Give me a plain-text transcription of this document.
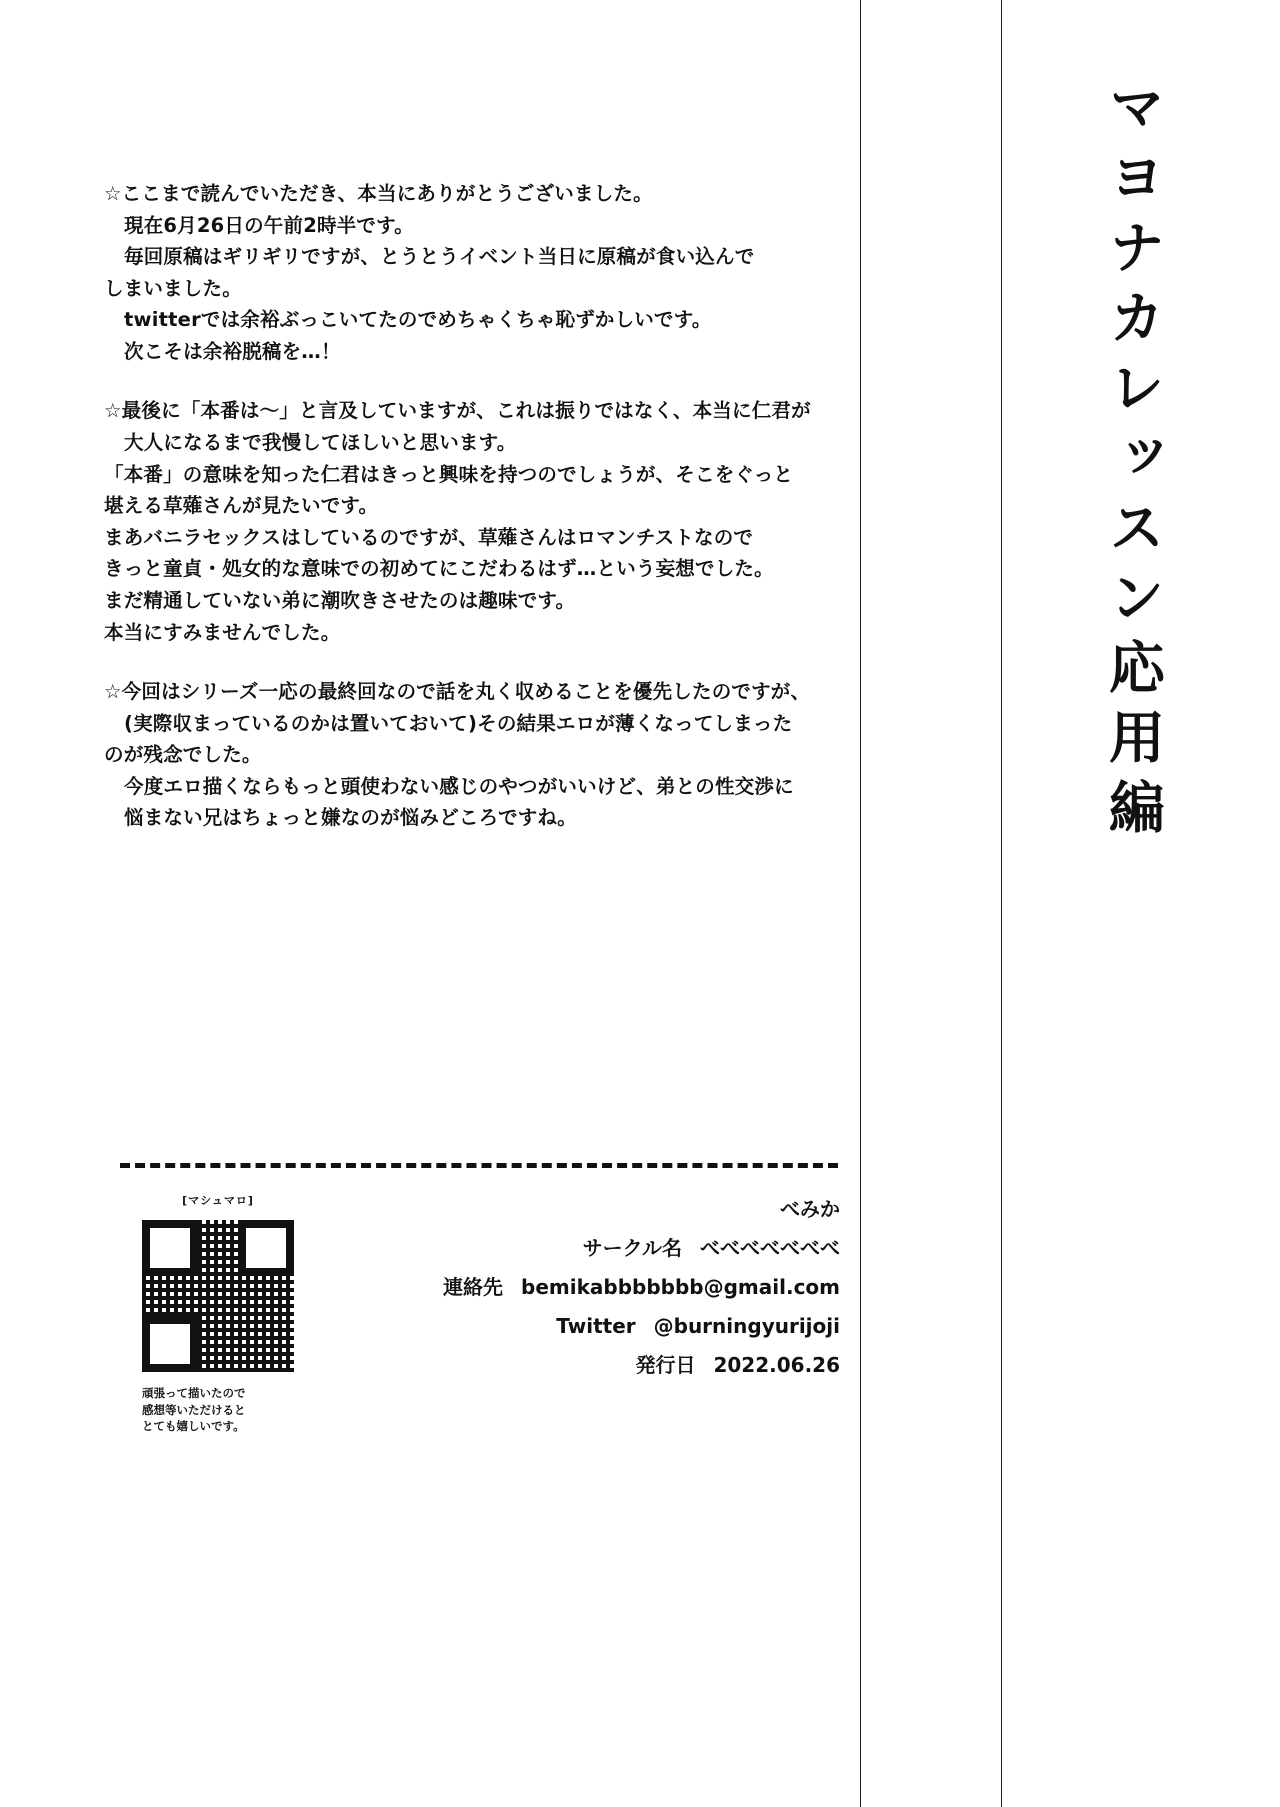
マヨナカレッスン応用編
☆ここまで読んでいただき、本当にありがとうございました。
現在6月26日の午前2時半です。
毎回原稿はギリギリですが、とうとうイベント当日に原稿が食い込んで
しまいました。
twitterでは余裕ぶっこいてたのでめちゃくちゃ恥ずかしいです。
次こそは余裕脱稿を…！
☆最後に「本番は〜」と言及していますが、これは振りではなく、本当に仁君が
大人になるまで我慢してほしいと思います。
「本番」の意味を知った仁君はきっと興味を持つのでしょうが、そこをぐっと
堪える草薙さんが見たいです。
まあバニラセックスはしているのですが、草薙さんはロマンチストなので
きっと童貞・処女的な意味での初めてにこだわるはず…という妄想でした。
まだ精通していない弟に潮吹きさせたのは趣味です。
本当にすみませんでした。
☆今回はシリーズ一応の最終回なので話を丸く収めることを優先したのですが、
(実際収まっているのかは置いておいて)その結果エロが薄くなってしまった
のが残念でした。
今度エロ描くならもっと頭使わない感じのやつがいいけど、弟との性交渉に
悩まない兄はちょっと嫌なのが悩みどころですね。
[マシュマロ]
頑張って描いたので
感想等いただけると
とても嬉しいです。
べみか
サークル名 べべべべべべべ
連絡先 bemikabbbbbbb@gmail.com
Twitter @burningyurijoji
発行日 2022.06.26
